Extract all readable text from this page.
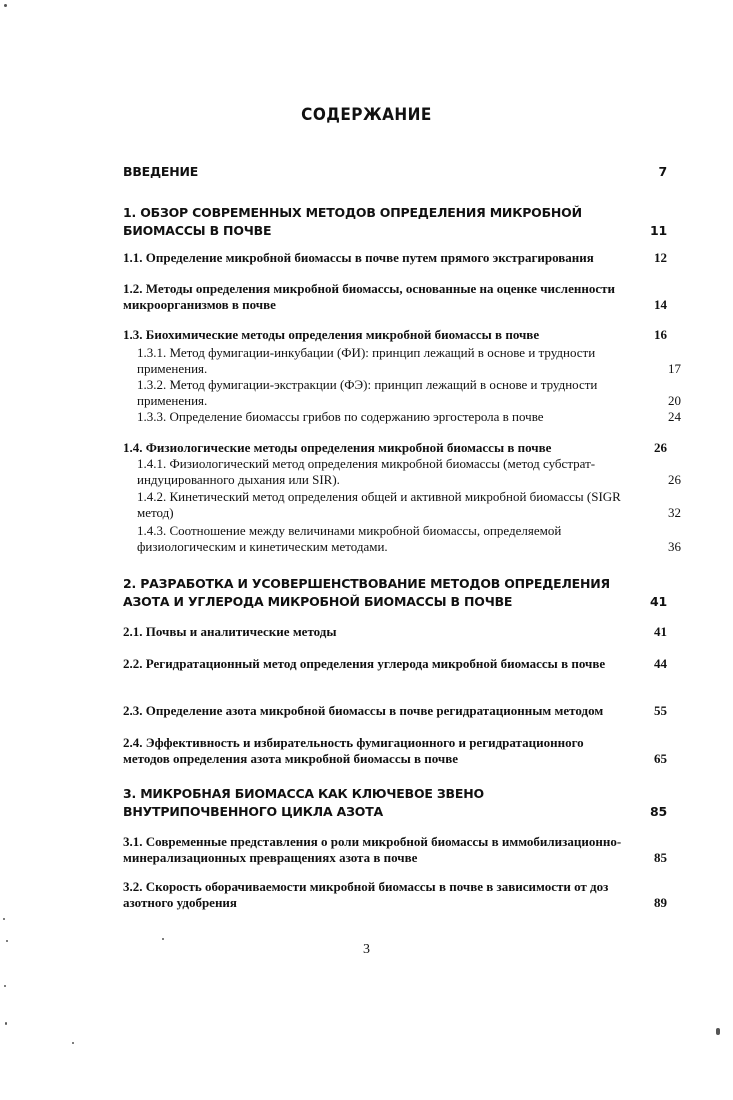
СОДЕРЖАНИЕ
ВВЕДЕНИЕ	7
1. ОБЗОР СОВРЕМЕННЫХ МЕТОДОВ ОПРЕДЕЛЕНИЯ МИКРОБНОЙ БИОМАССЫ В ПОЧВЕ	11
1.1. Определение микробной биомассы в почве путем прямого экстрагирования	12
1.2. Методы определения микробной биомассы, основанные на оценке численности микроорганизмов в почве	14
1.3. Биохимические методы определения микробной биомассы в почве	16
1.3.1. Метод фумигации-инкубации (ФИ): принцип лежащий в основе и трудности применения.	17
1.3.2. Метод фумигации-экстракции (ФЭ): принцип лежащий в основе и трудности применения.	20
1.3.3. Определение биомассы грибов по содержанию эргостерола в почве	24
1.4. Физиологические методы определения микробной биомассы в почве	26
1.4.1. Физиологический метод определения микробной биомассы (метод субстрат-индуцированного дыхания или SIR).	26
1.4.2. Кинетический метод определения общей и активной микробной биомассы (SIGR метод)	32
1.4.3. Соотношение между величинами микробной биомассы, определяемой физиологическим и кинетическим методами.	36
2. РАЗРАБОТКА И УСОВЕРШЕНСТВОВАНИЕ МЕТОДОВ ОПРЕДЕЛЕНИЯ АЗОТА И УГЛЕРОДА МИКРОБНОЙ БИОМАССЫ В ПОЧВЕ	41
2.1. Почвы и аналитические методы	41
2.2. Регидратационный метод определения углерода микробной биомассы в почве	44
2.3. Определение азота микробной биомассы в почве регидратационным методом	55
2.4. Эффективность и избирательность фумигационного и регидратационного методов определения азота микробной биомассы в почве	65
3. МИКРОБНАЯ БИОМАССА КАК КЛЮЧЕВОЕ ЗВЕНО ВНУТРИПОЧВЕННОГО ЦИКЛА АЗОТА	85
3.1. Современные представления о роли микробной биомассы в иммобилизационно-минерализационных превращениях азота в почве	85
3.2. Скорость оборачиваемости микробной биомассы в почве в зависимости от доз азотного удобрения	89
3
